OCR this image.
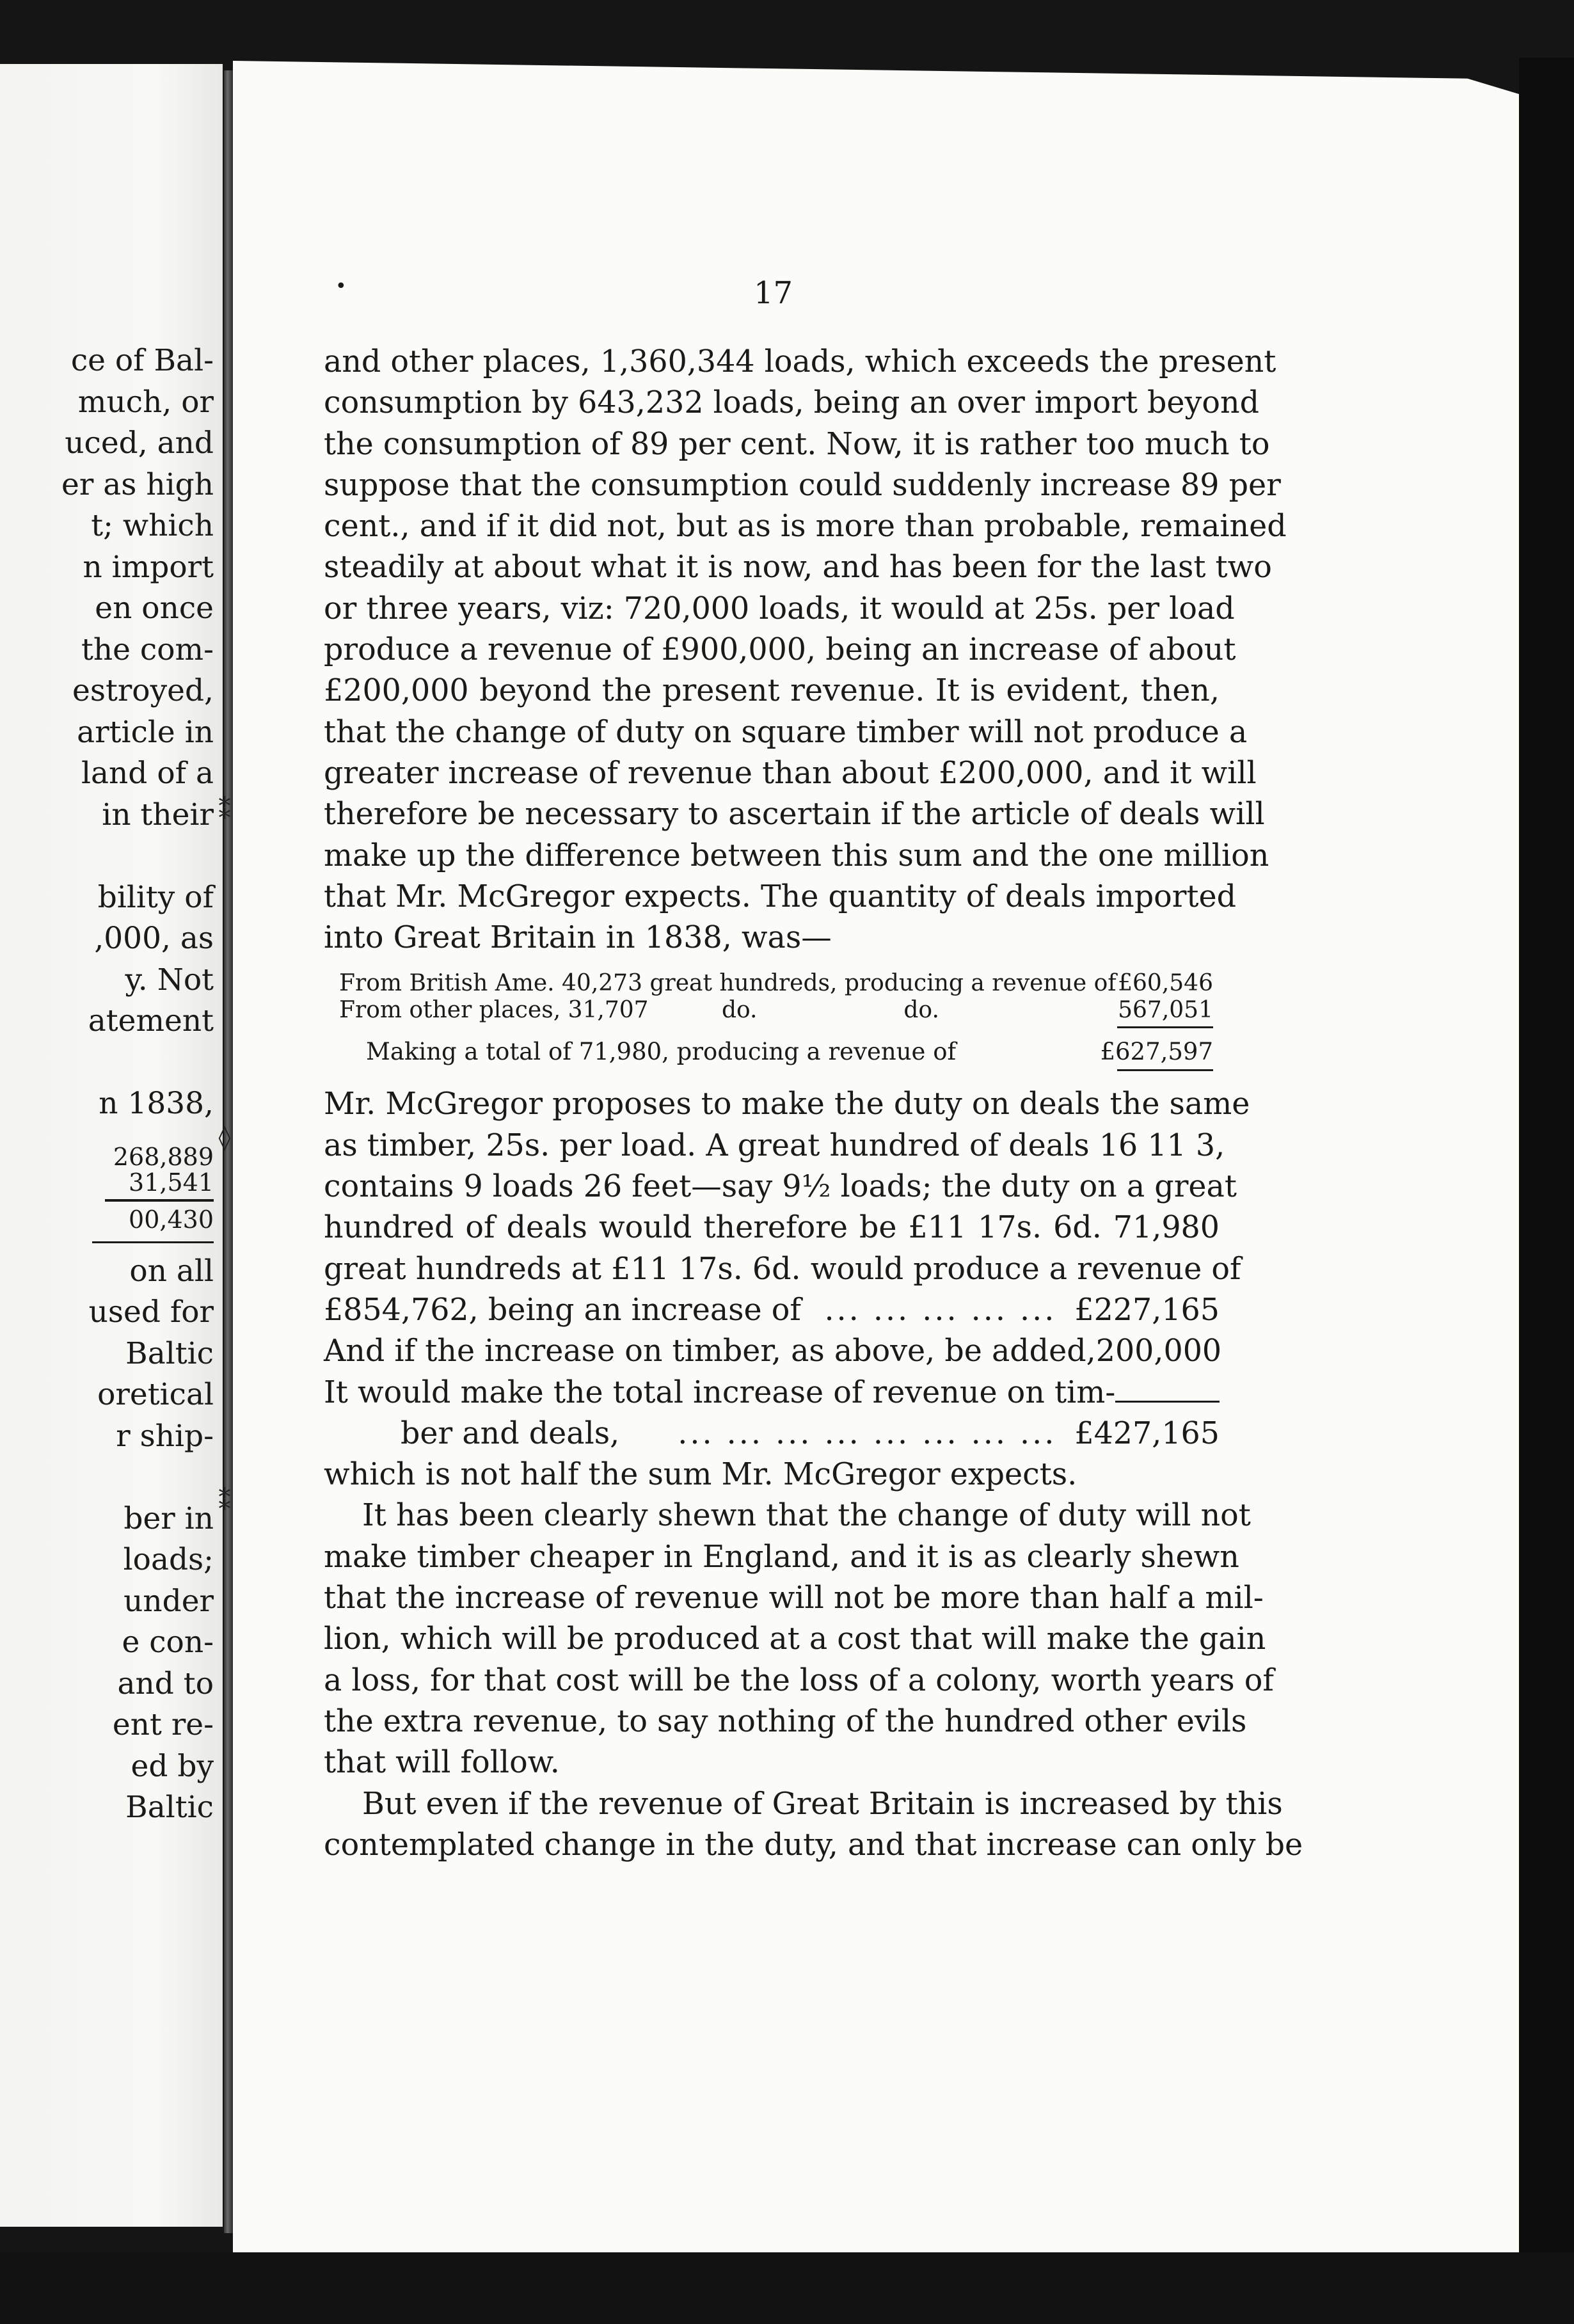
ce of Bal-
much, or
uced, and
er as high
t; which
n import
en once
the com-
estroyed,
article in
land of a
in their
bility of
,000, as
y. Not
atement
n 1838,
268,889
31,541
00,430
on all
used for
Baltic
oretical
r ship-
ber in
loads;
under
e con-
and to
ent re-
ed by
Baltic
⁑
◊
⁑
•	17
and other places, 1,360,344 loads, which exceeds the present
consumption by 643,232 loads, being an over import beyond
the consumption of 89 per cent. Now, it is rather too much to
suppose that the consumption could suddenly increase 89 per
cent., and if it did not, but as is more than probable, remained
steadily at about what it is now, and has been for the last two
or three years, viz: 720,000 loads, it would at 25s. per load
produce a revenue of £900,000, being an increase of about
£200,000 beyond the present revenue. It is evident, then,
that the change of duty on square timber will not produce a
greater increase of revenue than about £200,000, and it will
therefore be necessary to ascertain if the article of deals will
make up the difference between this sum and the one million
that Mr. McGregor expects. The quantity of deals imported
into Great Britain in 1838, was—
From British Ame. 40,273 great hundreds, producing a revenue of £60,546
From other places, 31,707          do.                    do.	567,051
Making a total of 71,980, producing a revenue of	£627,597
Mr. McGregor proposes to make the duty on deals the same
as timber, 25s. per load. A great hundred of deals 16 11 3,
contains 9 loads 26 feet—say 9½ loads; the duty on a great
hundred of deals would therefore be £11 17s. 6d. 71,980
great hundreds at £11 17s. 6d. would produce a revenue of
£854,762, being an increase of ... ... ... ... ... £227,165
And if the increase on timber, as above, be added, 200,000
It would make the total increase of revenue on tim-
ber and deals,	... ... ... ... ... ... ... ... £427,165
which is not half the sum Mr. McGregor expects.
It has been clearly shewn that the change of duty will not
make timber cheaper in England, and it is as clearly shewn
that the increase of revenue will not be more than half a mil-
lion, which will be produced at a cost that will make the gain
a loss, for that cost will be the loss of a colony, worth years of
the extra revenue, to say nothing of the hundred other evils
that will follow.
But even if the revenue of Great Britain is increased by this
contemplated change in the duty, and that increase can only be
